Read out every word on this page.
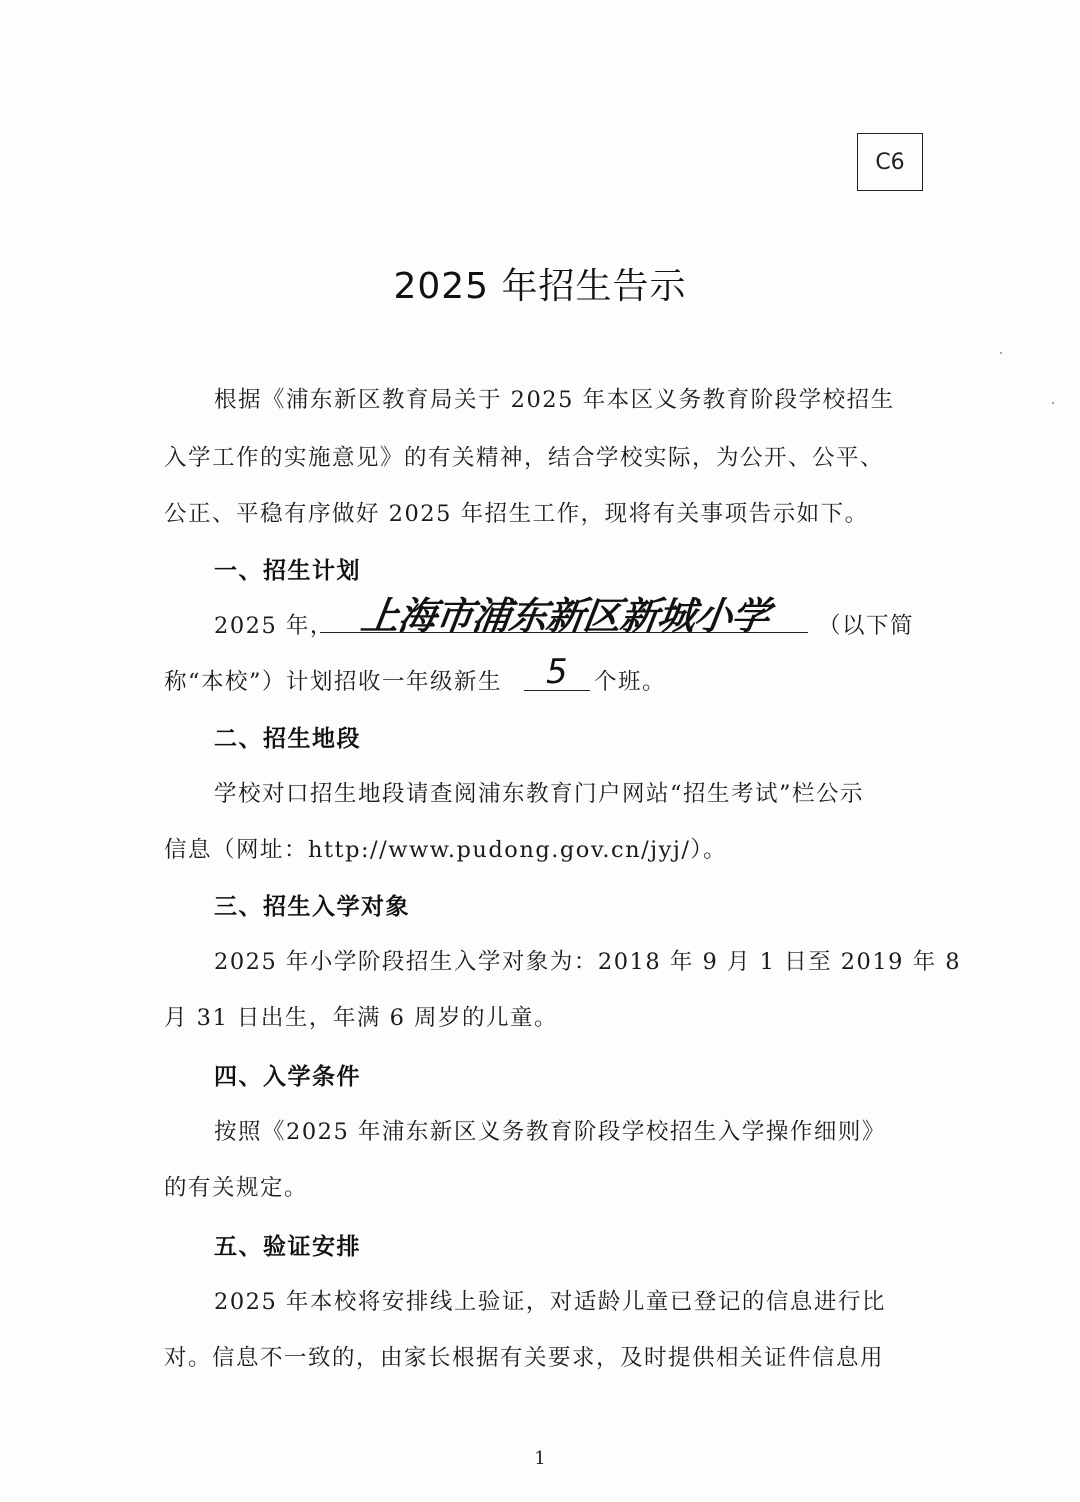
C6
2025 年招生告示
根据《浦东新区教育局关于 2025 年本区义务教育阶段学校招生
入学工作的实施意见》的有关精神，结合学校实际，为公开、公平、
公正、平稳有序做好 2025 年招生工作，现将有关事项告示如下。
一、招生计划
2025 年， 上海市浦东新区新城小学 （以下简
称“本校”）计划招收一年级新生 5 个班。
二、招生地段
学校对口招生地段请查阅浦东教育门户网站“招生考试”栏公示
信息（网址：http://www.pudong.gov.cn/jyj/）。
三、招生入学对象
2025 年小学阶段招生入学对象为：2018 年 9 月 1 日至 2019 年 8
月 31 日出生，年满 6 周岁的儿童。
四、入学条件
按照《2025 年浦东新区义务教育阶段学校招生入学操作细则》
的有关规定。
五、验证安排
2025 年本校将安排线上验证，对适龄儿童已登记的信息进行比
对。信息不一致的，由家长根据有关要求，及时提供相关证件信息用
1
